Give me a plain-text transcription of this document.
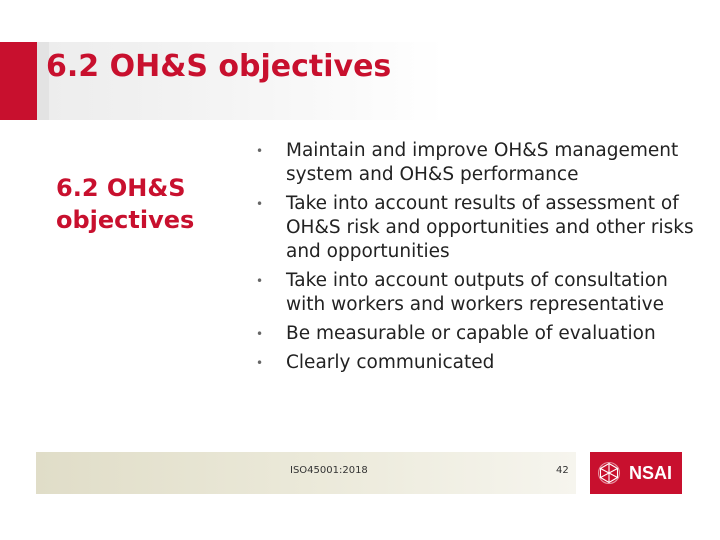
6.2 OH&S objectives
6.2 OH&S objectives
•	Maintain and improve OH&S management system and OH&S performance
•	Take into account results of assessment of OH&S risk and opportunities and other risks and opportunities
•	Take into account outputs of consultation with workers and workers representative
•	Be measurable or capable of evaluation
•	Clearly communicated
ISO45001:2018	42	NSAI
